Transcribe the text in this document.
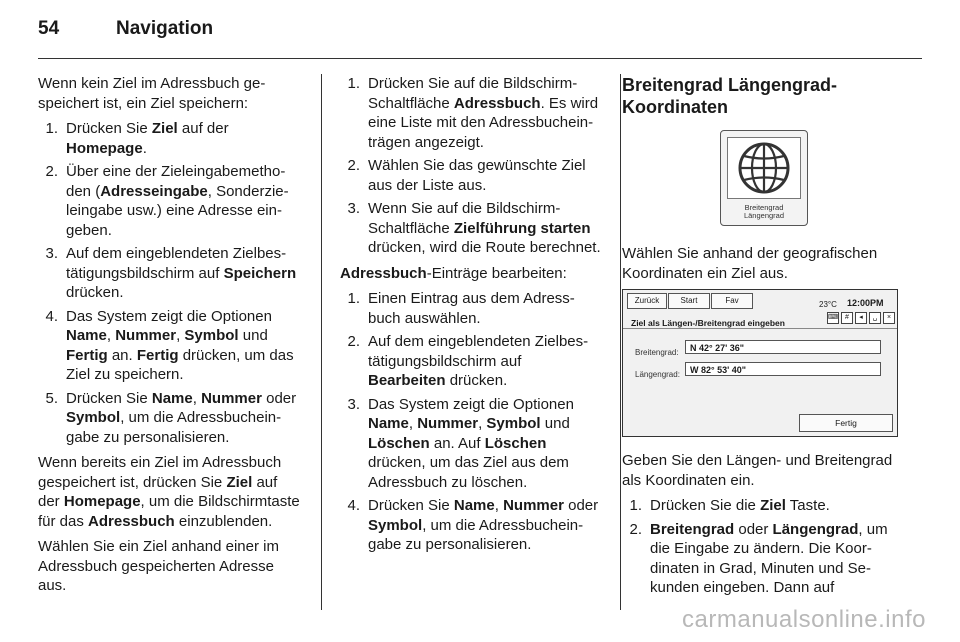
54	Navigation

Wenn kein Ziel im Adressbuch gespeichert ist, ein Ziel speichern:

1. Drücken Sie Ziel auf der Homepage.
2. Über eine der Zieleingabemethoden (Adresseingabe, Sonderzieleingabe usw.) eine Adresse eingeben.
3. Auf dem eingeblendeten Zielbestätigungsbildschirm auf Speichern drücken.
4. Das System zeigt die Optionen Name, Nummer, Symbol und Fertig an. Fertig drücken, um das Ziel zu speichern.
5. Drücken Sie Name, Nummer oder Symbol, um die Adressbucheingabe zu personalisieren.

Wenn bereits ein Ziel im Adressbuch gespeichert ist, drücken Sie Ziel auf der Homepage, um die Bildschirmtaste für das Adressbuch einzublenden.

Wählen Sie ein Ziel anhand einer im Adressbuch gespeicherten Adresse aus.

1. Drücken Sie auf die BildschirmSchaltfläche Adressbuch. Es wird eine Liste mit den Adressbucheinträgen angezeigt.
2. Wählen Sie das gewünschte Ziel aus der Liste aus.
3. Wenn Sie auf die BildschirmSchaltfläche Zielführung starten drücken, wird die Route berechnet.

Adressbuch-Einträge bearbeiten:

1. Einen Eintrag aus dem Adressbuch auswählen.
2. Auf dem eingeblendeten Zielbestätigungsbildschirm auf Bearbeiten drücken.
3. Das System zeigt die Optionen Name, Nummer, Symbol und Löschen an. Auf Löschen drücken, um das Ziel aus dem Adressbuch zu löschen.
4. Drücken Sie Name, Nummer oder Symbol, um die Adressbucheingabe zu personalisieren.
Breitengrad Längengrad-Koordinaten
Breitengrad
Längengrad

Wählen Sie anhand der geografischen Koordinaten ein Ziel aus.

Zurück	Start	Fav	23°C 12:00PM
Ziel als Längen-/Breitengrad eingeben
⌨ #	◂	␣	×
Breitengrad:	N 42° 27' 36"
Längengrad:	W 82° 53' 40"
Fertig

Geben Sie den Längen- und Breitengrad als Koordinaten ein.

1. Drücken Sie die Ziel Taste.
2. Breitengrad oder Längengrad, um die Eingabe zu ändern. Die Koordinaten in Grad, Minuten und Sekunden eingeben. Dann auf
carmanualsonline.info
